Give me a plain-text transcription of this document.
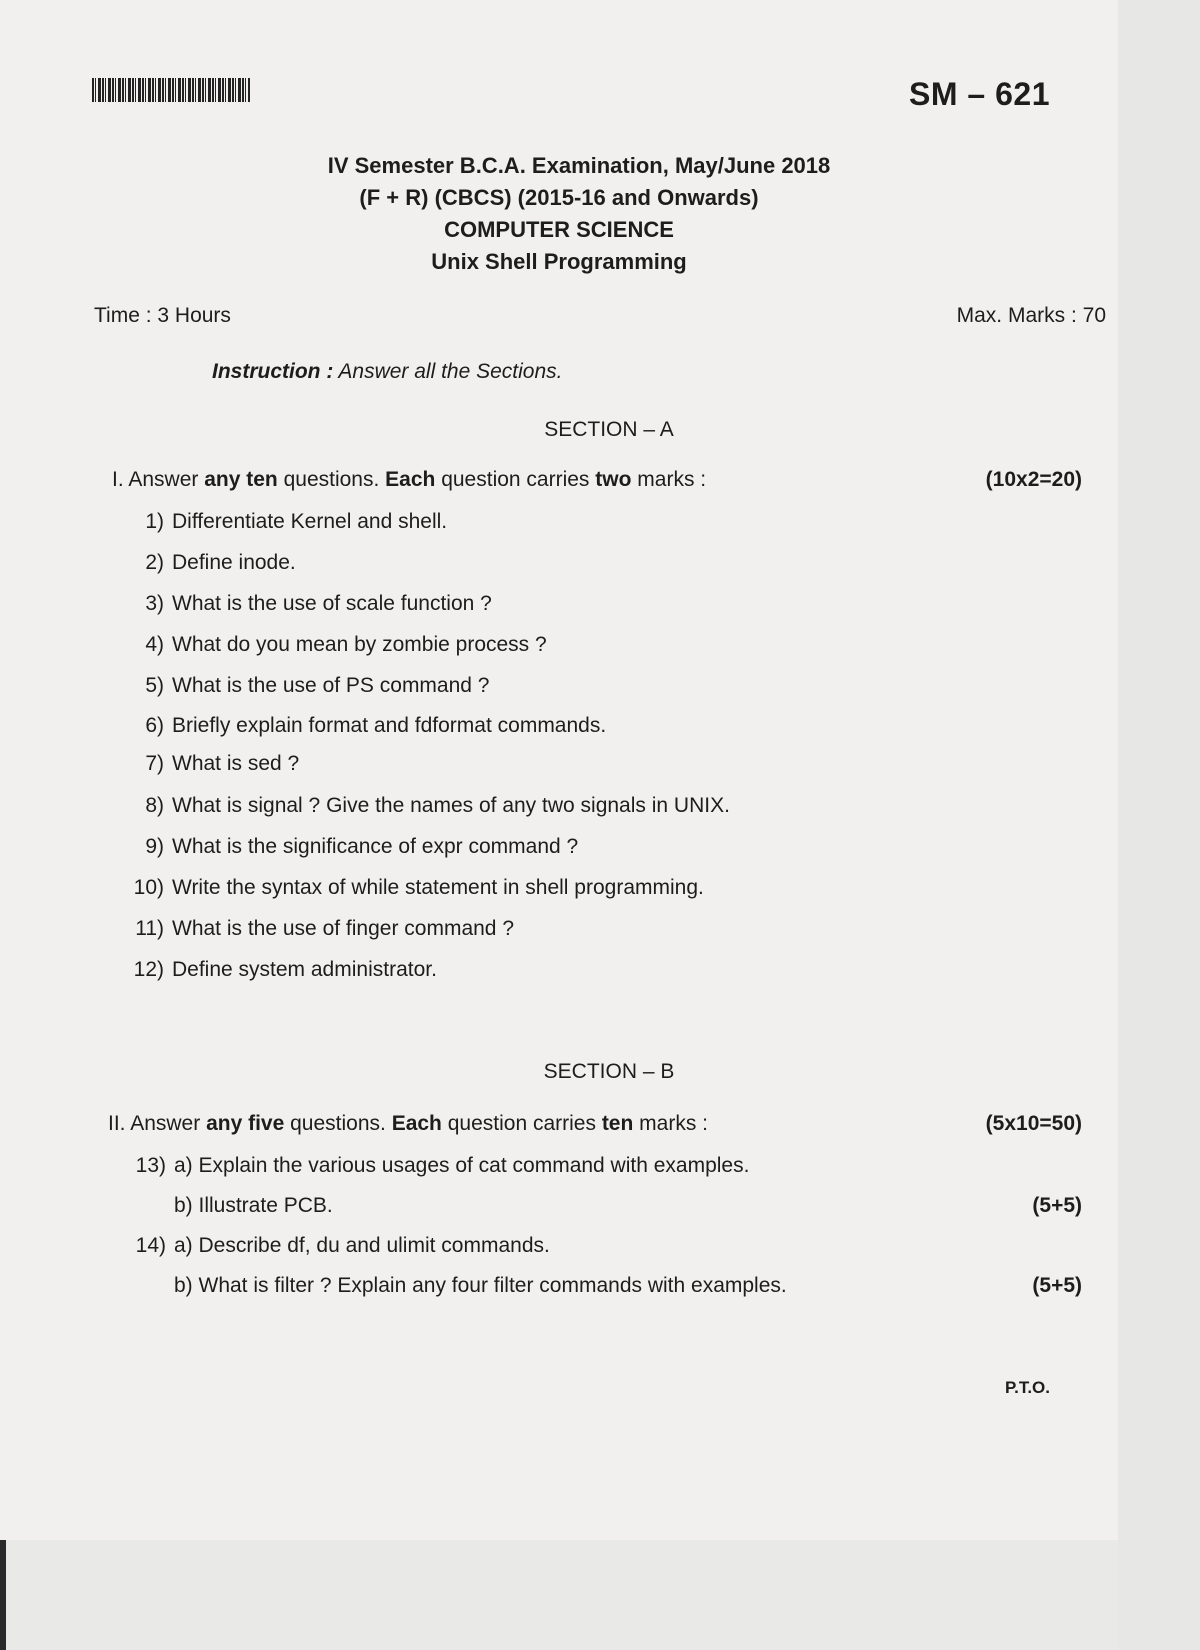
SM – 621
IV Semester B.C.A. Examination, May/June 2018
(F + R) (CBCS) (2015-16 and Onwards)
COMPUTER SCIENCE
Unix Shell Programming
Time : 3 Hours	Max. Marks : 70
Instruction : Answer all the Sections.
SECTION – A
I. Answer any ten questions. Each question carries two marks :	(10x2=20)
1) Differentiate Kernel and shell.
2) Define inode.
3) What is the use of scale function ?
4) What do you mean by zombie process ?
5) What is the use of PS command ?
6) Briefly explain format and fdformat commands.
7) What is sed ?
8) What is signal ? Give the names of any two signals in UNIX.
9) What is the significance of expr command ?
10) Write the syntax of while statement in shell programming.
11) What is the use of finger command ?
12) Define system administrator.
SECTION – B
II. Answer any five questions. Each question carries ten marks :	(5x10=50)
13) a) Explain the various usages of cat command with examples.
b) Illustrate PCB.	(5+5)
14) a) Describe df, du and ulimit commands.
b) What is filter ? Explain any four filter commands with examples.	(5+5)
P.T.O.
